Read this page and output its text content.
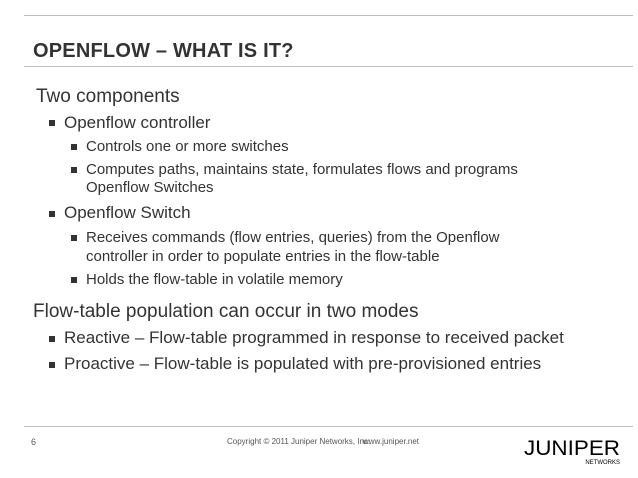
OPENFLOW – WHAT IS IT?
Two components
Openflow controller
Controls one or more switches
Computes paths, maintains state, formulates flows and programs
Openflow Switches
Openflow Switch
Receives commands (flow entries, queries) from the Openflow
controller in order to populate entries in the flow-table
Holds the flow-table in volatile memory
Flow-table population can occur in two modes
Reactive – Flow-table programmed in response to received packet
Proactive – Flow-table is populated with pre-provisioned entries
6	Copyright © 2011 Juniper Networks, Inc.
www.juniper.net	JUNIPER
NETWORKS
